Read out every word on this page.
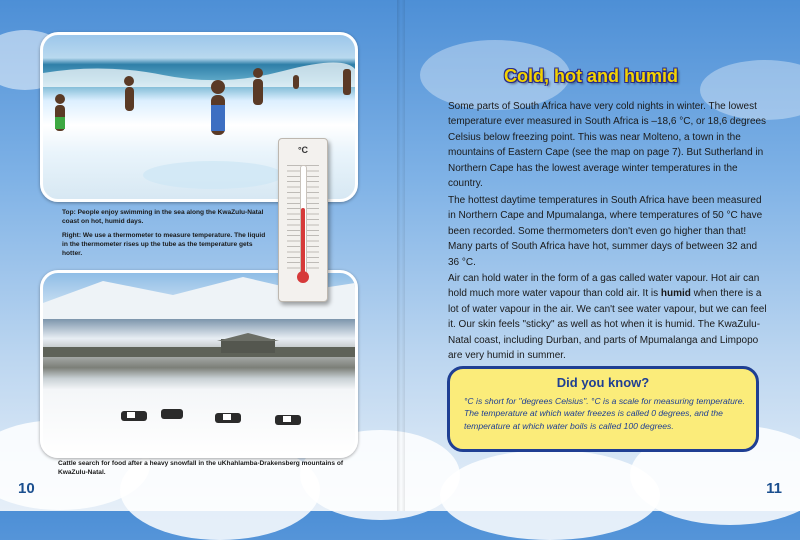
°C
Top: People enjoy swimming in the sea along the KwaZulu-Natal coast on hot, humid days.
Right: We use a thermometer to measure temperature. The liquid in the thermometer rises up the tube as the temperature gets hotter.
Cattle search for food after a heavy snowfall in the uKhahlamba-Drakensberg mountains of KwaZulu-Natal.
10
Cold, hot and humid

Some parts of South Africa have very cold nights in winter. The lowest temperature ever measured in South Africa is –18,6 °C, or 18,6 degrees Celsius below freezing point. This was near Molteno, a town in the mountains of Eastern Cape (see the map on page 7). But Sutherland in Northern Cape has the lowest average winter temperatures in the country.

The hottest daytime temperatures in South Africa have been measured in Northern Cape and Mpumalanga, where temperatures of 50 °C have been recorded. Some thermometers don't even go higher than that! Many parts of South Africa have hot, summer days of between 32 and 36 °C.

Air can hold water in the form of a gas called water vapour. Hot air can hold much more water vapour than cold air. It is humid when there is a lot of water vapour in the air. We can't see water vapour, but we can feel it. Our skin feels "sticky" as well as hot when it is humid. The KwaZulu-Natal coast, including Durban, and parts of Mpumalanga and Limpopo are very humid in summer.

Did you know?
°C is short for "degrees Celsius". °C is a scale for measuring temperature. The temperature at which water freezes is called 0 degrees, and the temperature at which water boils is called 100 degrees.
11
